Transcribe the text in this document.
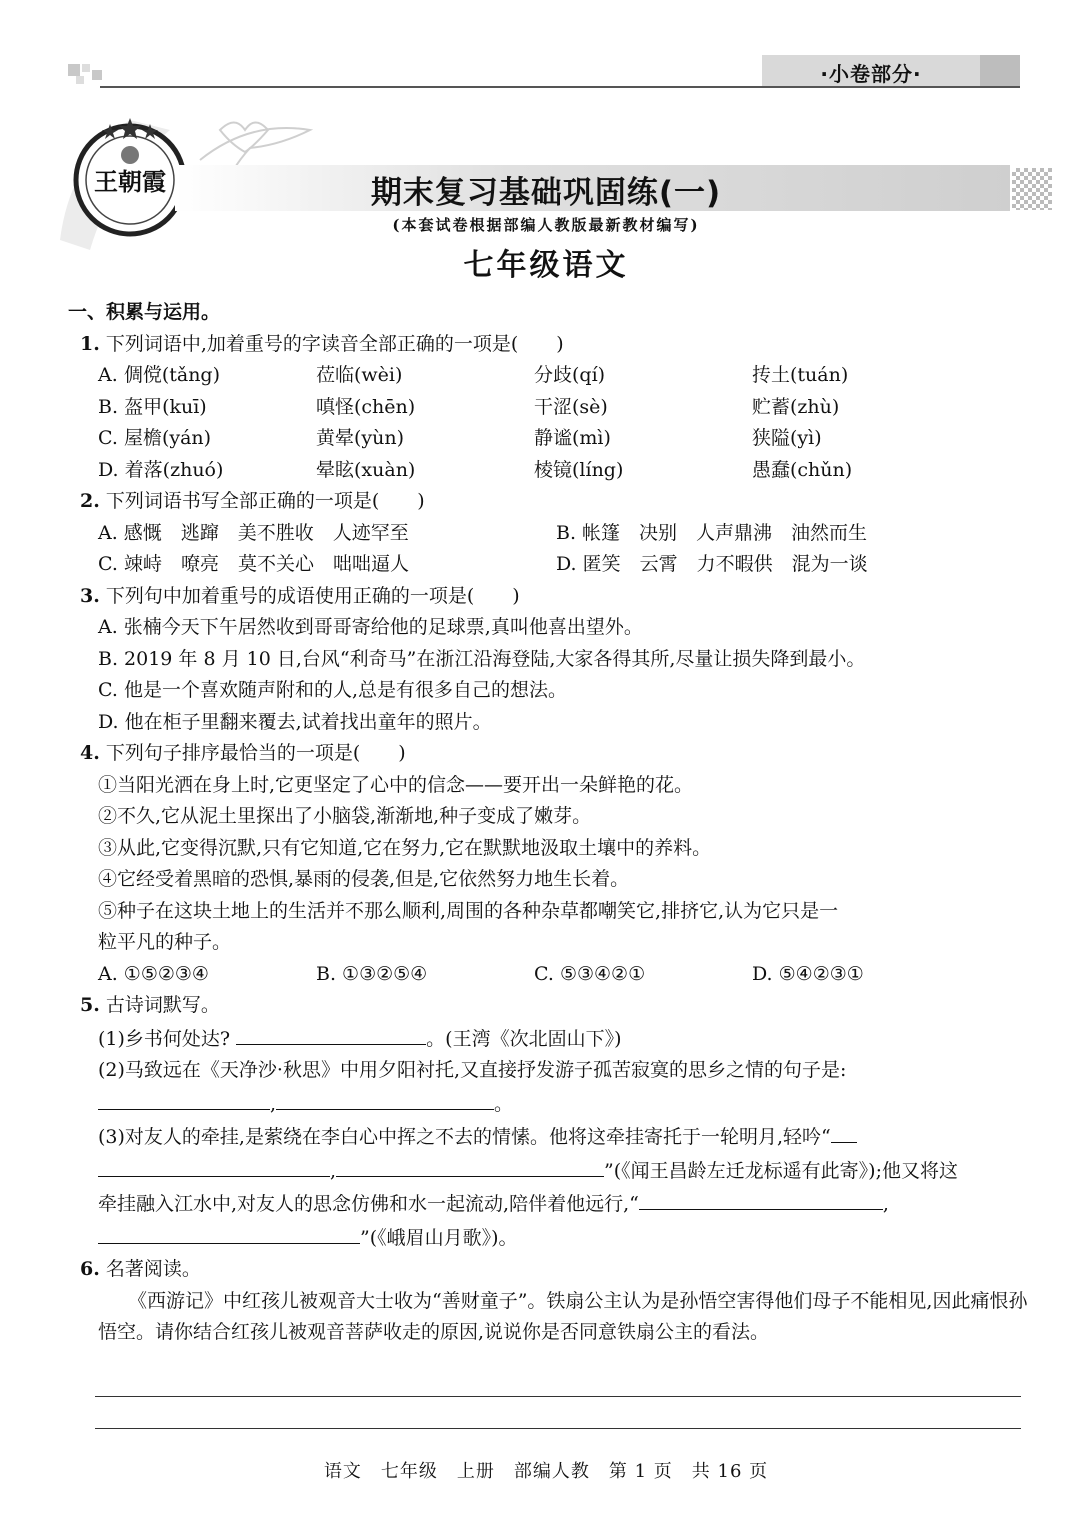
·小卷部分·
王朝霞	期末复习基础巩固练(一)
(本套试卷根据部编人教版最新教材编写)
七年级语文

一、积累与运用。

1. 下列词语中,加着重号的字读音全部正确的一项是(　　)

A. 倜傥(tǎng)	莅临(wèi)	分歧(qí)	抟土(tuán)

B. 盔甲(kuī)	嗔怪(chēn)	干涩(sè)	贮蓄(zhù)

C. 屋檐(yán)	黄晕(yùn)	静谧(mì)	狭隘(yì)

D. 着落(zhuó)	晕眩(xuàn)	棱镜(líng)	愚蠢(chǔn)

2. 下列词语书写全部正确的一项是(　　)

A. 感慨　逃蹿　美不胜收　人迹罕至	B. 帐篷　决别　人声鼎沸　油然而生

C. 竦峙　嘹亮　莫不关心　咄咄逼人	D. 匿笑　云霄　力不暇供　混为一谈

3. 下列句中加着重号的成语使用正确的一项是(　　)

A. 张楠今天下午居然收到哥哥寄给他的足球票,真叫他喜出望外。

B. 2019 年 8 月 10 日,台风“利奇马”在浙江沿海登陆,大家各得其所,尽量让损失降到最小。

C. 他是一个喜欢随声附和的人,总是有很多自己的想法。

D. 他在柜子里翻来覆去,试着找出童年的照片。

4. 下列句子排序最恰当的一项是(　　)

①当阳光洒在身上时,它更坚定了心中的信念——要开出一朵鲜艳的花。

②不久,它从泥土里探出了小脑袋,渐渐地,种子变成了嫩芽。

③从此,它变得沉默,只有它知道,它在努力,它在默默地汲取土壤中的养料。

④它经受着黑暗的恐惧,暴雨的侵袭,但是,它依然努力地生长着。

⑤种子在这块土地上的生活并不那么顺利,周围的各种杂草都嘲笑它,排挤它,认为它只是一

粒平凡的种子。

A. ①⑤②③④	B. ①③②⑤④	C. ⑤③④②①	D. ⑤④②③①

5. 古诗词默写。

(1)乡书何处达?	。(王湾《次北固山下》)

(2)马致远在《天净沙·秋思》中用夕阳衬托,又直接抒发游子孤苦寂寞的思乡之情的句子是:

,	。

(3)对友人的牵挂,是萦绕在李白心中挥之不去的情愫。他将这牵挂寄托于一轮明月,轻吟“

,	”(《闻王昌龄左迁龙标遥有此寄》);他又将这

牵挂融入江水中,对友人的思念仿佛和水一起流动,陪伴着他远行,“	,

”(《峨眉山月歌》)。

6. 名著阅读。

《西游记》中红孩儿被观音大士收为“善财童子”。铁扇公主认为是孙悟空害得他们母子不能相见,因此痛恨孙悟空。请你结合红孩儿被观音菩萨收走的原因,说说你是否同意铁扇公主的看法。

语文　七年级　上册　部编人教　第 1 页　共 16 页
